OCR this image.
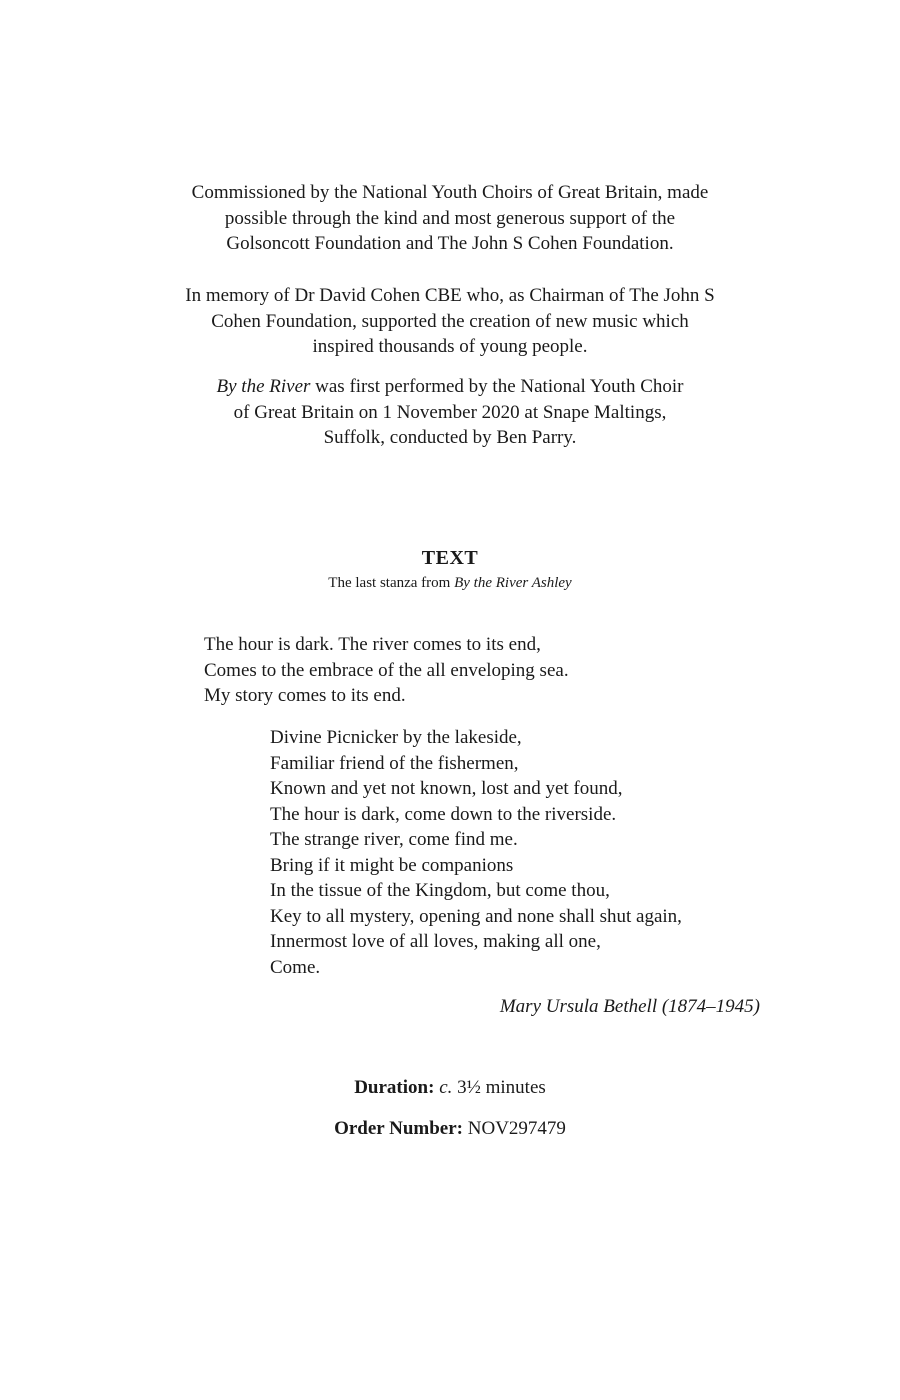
Commissioned by the National Youth Choirs of Great Britain, made

possible through the kind and most generous support of the

Golsoncott Foundation and The John S Cohen Foundation.

In memory of Dr David Cohen CBE who, as Chairman of The John S

Cohen Foundation, supported the creation of new music which

inspired thousands of young people.

By the River was first performed by the National Youth Choir

of Great Britain on 1 November 2020 at Snape Maltings,

Suffolk, conducted by Ben Parry.

TEXT
The last stanza from By the River Ashley
The hour is dark. The river comes to its end,
Comes to the embrace of the all enveloping sea.
My story comes to its end.
Divine Picnicker by the lakeside,
Familiar friend of the fishermen,
Known and yet not known, lost and yet found,
The hour is dark, come down to the riverside.
The strange river, come find me.
Bring if it might be companions
In the tissue of the Kingdom, but come thou,
Key to all mystery, opening and none shall shut again,
Innermost love of all loves, making all one,
Come.
Mary Ursula Bethell (1874–1945)
Duration: c. 3½ minutes
Order Number: NOV297479
